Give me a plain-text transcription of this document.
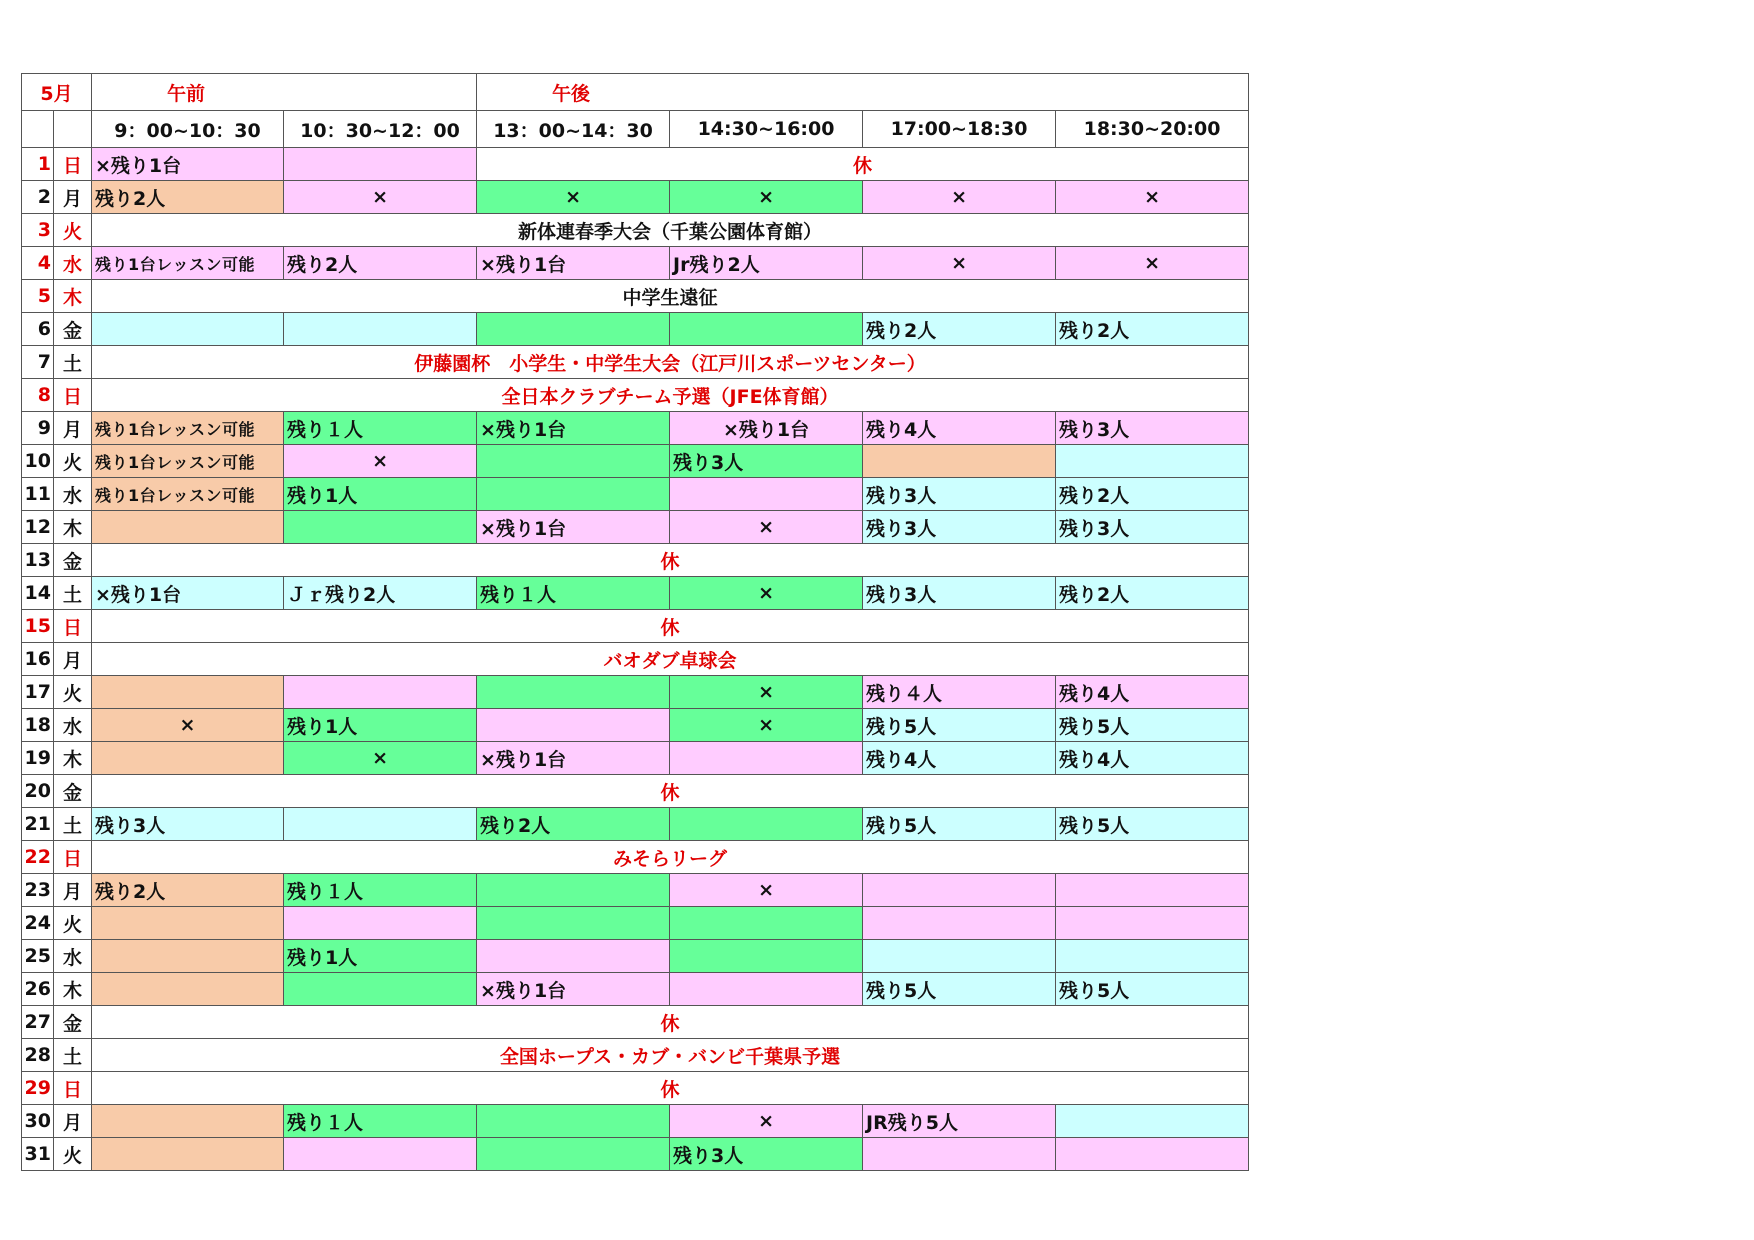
5月		午前		午後			
		9：00~10：30	10：30~12：00	13：00~14：30	14:30~16:00	17:00~18:30	18:30~20:00
1	日	×残り1台		休			
2	月	残り2人	×	×	×	×	×
3	火	新体連春季大会（千葉公園体育館）					
4	水	残り1台レッスン可能	残り2人	×残り1台	Jr残り2人	×	×
5	木	中学生遠征					
6	金					残り2人	残り2人
7	土	伊藤園杯　小学生・中学生大会（江戸川スポーツセンター）					
8	日	全日本クラブチーム予選（JFE体育館）					
9	月	残り1台レッスン可能	残り１人	×残り1台	×残り1台	残り4人	残り3人
10	火	残り1台レッスン可能	×		残り3人		
11	水	残り1台レッスン可能	残り1人			残り3人	残り2人
12	木			×残り1台	×	残り3人	残り3人
13	金	休					
14	土	×残り1台	Ｊｒ残り2人	残り１人	×	残り3人	残り2人
15	日	休					
16	月	バオダブ卓球会					
17	火				×	残り４人	残り4人
18	水	×	残り1人		×	残り5人	残り5人
19	木		×	×残り1台		残り4人	残り4人
20	金	休					
21	土	残り3人		残り2人		残り5人	残り5人
22	日	みそらリーグ					
23	月	残り2人	残り１人		×		
24	火						
25	水		残り1人				
26	木			×残り1台		残り5人	残り5人
27	金	休					
28	土	全国ホープス・カブ・バンビ千葉県予選					
29	日	休					
30	月		残り１人		×	JR残り5人	
31	火				残り3人		
